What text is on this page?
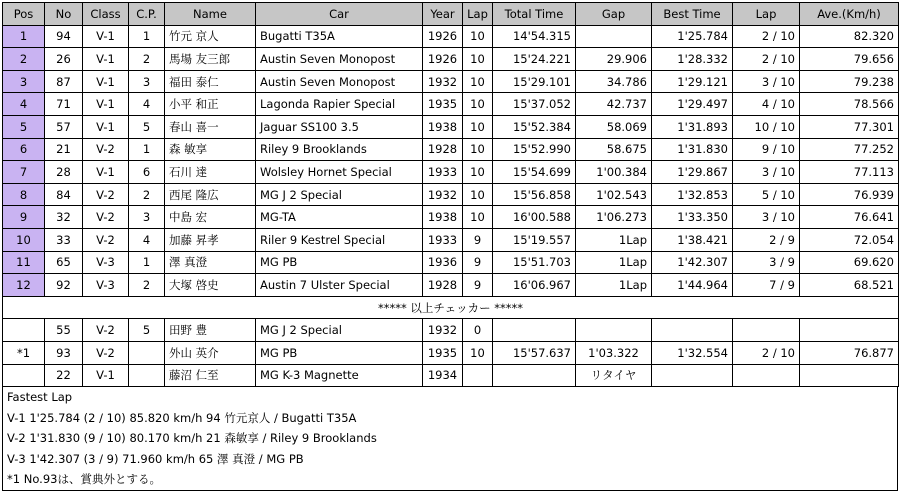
Pos	No	Class	C.P.	Name	Car	Year	Lap	Total Time	Gap	Best Time	Lap	Ave.(Km/h)
1	94	V-1	1	竹元 京人	Bugatti T35A	1926	10	14'54.315		1'25.784	2 / 10	82.320
2	26	V-1	2	馬場 友三郎	Austin Seven Monopost	1926	10	15'24.221	29.906	1'28.332	2 / 10	79.656
3	87	V-1	3	福田 泰仁	Austin Seven Monopost	1932	10	15'29.101	34.786	1'29.121	3 / 10	79.238
4	71	V-1	4	小平 和正	Lagonda Rapier Special	1935	10	15'37.052	42.737	1'29.497	4 / 10	78.566
5	57	V-1	5	春山 喜一	Jaguar SS100 3.5	1938	10	15'52.384	58.069	1'31.893	10 / 10	77.301
6	21	V-2	1	森 敏享	Riley 9 Brooklands	1928	10	15'52.990	58.675	1'31.830	9 / 10	77.252
7	28	V-1	6	石川 達	Wolsley Hornet Special	1933	10	15'54.699	1'00.384	1'29.867	3 / 10	77.113
8	84	V-2	2	西尾 隆広	MG J 2 Special	1932	10	15'56.858	1'02.543	1'32.853	5 / 10	76.939
9	32	V-2	3	中島 宏	MG-TA	1938	10	16'00.588	1'06.273	1'33.350	3 / 10	76.641
10	33	V-2	4	加藤 昇孝	Riler 9 Kestrel Special	1933	9	15'19.557	1Lap	1'38.421	2 / 9	72.054
11	65	V-3	1	澤 真澄	MG PB	1936	9	15'51.703	1Lap	1'42.307	3 / 9	69.620
12	92	V-3	2	大塚 啓史	Austin 7 Ulster Special	1928	9	16'06.967	1Lap	1'44.964	7 / 9	68.521
***** 以上チェッカー *****												
	55	V-2	5	田野 豊	MG J 2 Special	1932	0					
*1	93	V-2		外山 英介	MG PB	1935	10	15'57.637	1'03.322	1'32.554	2 / 10	76.877
	22	V-1		藤沼 仁至	MG K-3 Magnette	1934			リタイヤ			
Fastest Lap
V-1 1'25.784 (2 / 10) 85.820 km/h 94 竹元京人 / Bugatti T35A
V-2 1'31.830 (9 / 10) 80.170 km/h 21 森敏享 / Riley 9 Brooklands
V-3 1'42.307 (3 / 9) 71.960 km/h 65 澤 真澄 / MG PB
*1 No.93は、賞典外とする。
